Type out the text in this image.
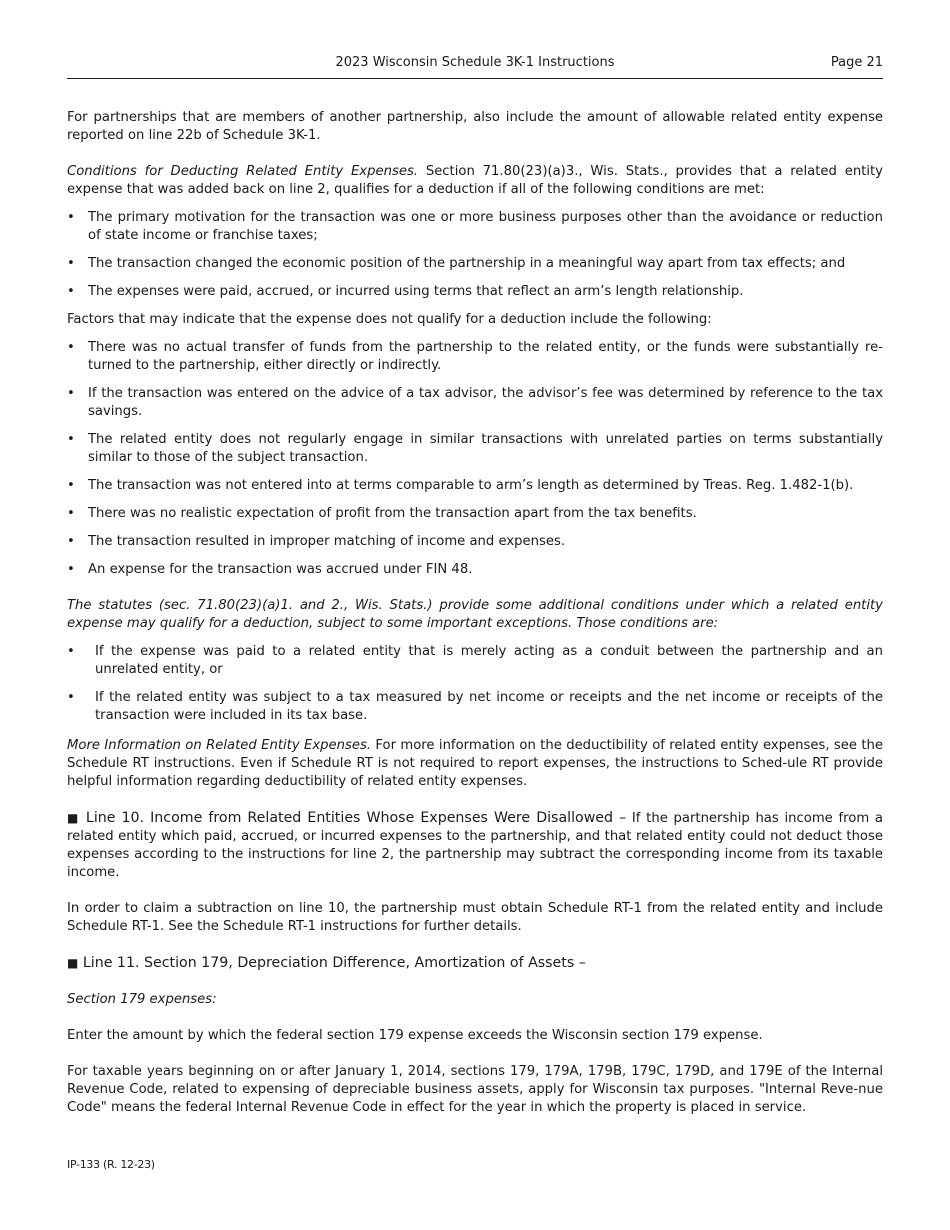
2023 Wisconsin Schedule 3K-1 Instructions	Page 21

For partnerships that are members of another partnership, also include the amount of allowable related entity expense reported on line 22b of Schedule 3K-1.

Conditions for Deducting Related Entity Expenses. Section 71.80(23)(a)3., Wis. Stats., provides that a related entity expense that was added back on line 2, qualifies for a deduction if all of the following conditions are met:

• The primary motivation for the transaction was one or more business purposes other than the avoidance or reduction of state income or franchise taxes;
• The transaction changed the economic position of the partnership in a meaningful way apart from tax effects; and
• The expenses were paid, accrued, or incurred using terms that reflect an arm’s length relationship.

Factors that may indicate that the expense does not qualify for a deduction include the following:

• There was no actual transfer of funds from the partnership to the related entity, or the funds were substantially re-turned to the partnership, either directly or indirectly.
• If the transaction was entered on the advice of a tax advisor, the advisor’s fee was determined by reference to the tax savings.
• The related entity does not regularly engage in similar transactions with unrelated parties on terms substantially similar to those of the subject transaction.
• The transaction was not entered into at terms comparable to arm’s length as determined by Treas. Reg. 1.482-1(b).
• There was no realistic expectation of profit from the transaction apart from the tax benefits.
• The transaction resulted in improper matching of income and expenses.
• An expense for the transaction was accrued under FIN 48.

The statutes (sec. 71.80(23)(a)1. and 2., Wis. Stats.) provide some additional conditions under which a related entity expense may qualify for a deduction, subject to some important exceptions. Those conditions are:

• If the expense was paid to a related entity that is merely acting as a conduit between the partnership and an unrelated entity, or
• If the related entity was subject to a tax measured by net income or receipts and the net income or receipts of the transaction were included in its tax base.

More Information on Related Entity Expenses. For more information on the deductibility of related entity expenses, see the Schedule RT instructions. Even if Schedule RT is not required to report expenses, the instructions to Sched-ule RT provide helpful information regarding deductibility of related entity expenses.

■ Line 10. Income from Related Entities Whose Expenses Were Disallowed – If the partnership has income from a related entity which paid, accrued, or incurred expenses to the partnership, and that related entity could not deduct those expenses according to the instructions for line 2, the partnership may subtract the corresponding income from its taxable income.

In order to claim a subtraction on line 10, the partnership must obtain Schedule RT-1 from the related entity and include Schedule RT-1. See the Schedule RT-1 instructions for further details.

■ Line 11. Section 179, Depreciation Difference, Amortization of Assets –

Section 179 expenses:

Enter the amount by which the federal section 179 expense exceeds the Wisconsin section 179 expense.

For taxable years beginning on or after January 1, 2014, sections 179, 179A, 179B, 179C, 179D, and 179E of the Internal Revenue Code, related to expensing of depreciable business assets, apply for Wisconsin tax purposes. "Internal Reve-nue Code" means the federal Internal Revenue Code in effect for the year in which the property is placed in service.

IP-133 (R. 12-23)
